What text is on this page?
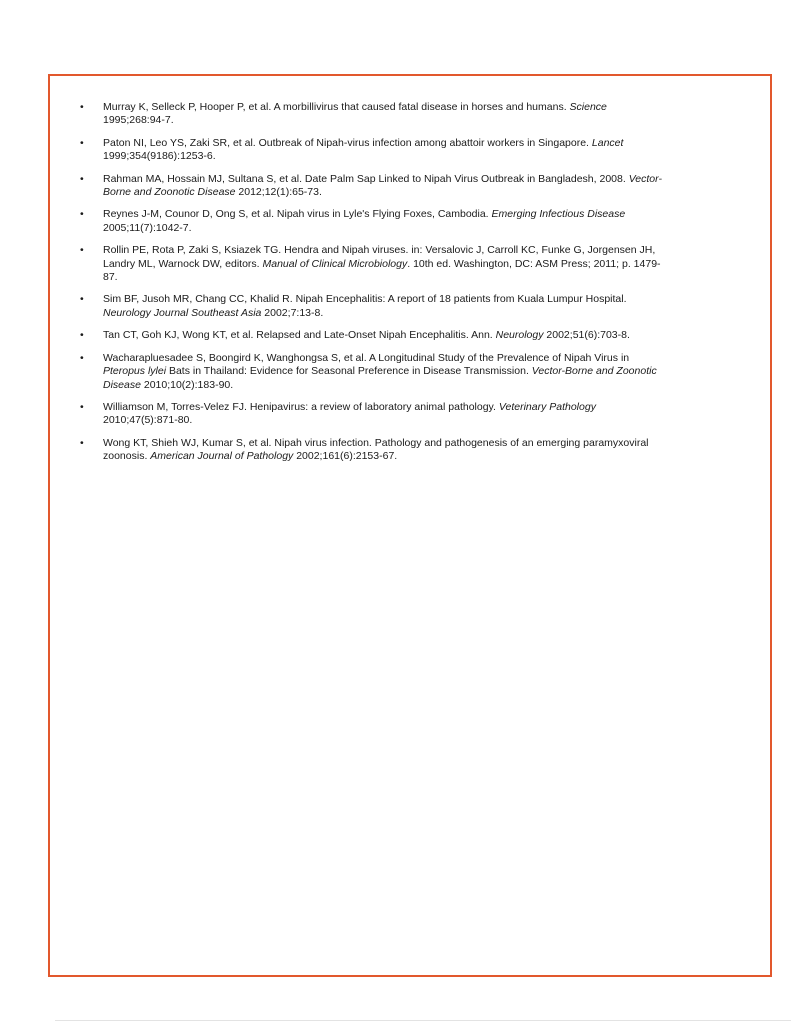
•	Murray K, Selleck P, Hooper P, et al. A morbillivirus that caused fatal disease in horses and humans. Science
1995;268:94-7.
•	Paton NI, Leo YS, Zaki SR, et al. Outbreak of Nipah-virus infection among abattoir workers in Singapore. Lancet
1999;354(9186):1253-6.
•	Rahman MA, Hossain MJ, Sultana S, et al. Date Palm Sap Linked to Nipah Virus Outbreak in Bangladesh, 2008. Vector-
Borne and Zoonotic Disease 2012;12(1):65-73.
•	Reynes J-M, Counor D, Ong S, et al. Nipah virus in Lyle's Flying Foxes, Cambodia. Emerging Infectious Disease
2005;11(7):1042-7.
•	Rollin PE, Rota P, Zaki S, Ksiazek TG. Hendra and Nipah viruses. in: Versalovic J, Carroll KC, Funke G, Jorgensen JH,
Landry ML, Warnock DW, editors. Manual of Clinical Microbiology. 10th ed. Washington, DC: ASM Press; 2011; p. 1479-
87.
•	Sim BF, Jusoh MR, Chang CC, Khalid R. Nipah Encephalitis: A report of 18 patients from Kuala Lumpur Hospital.
Neurology Journal Southeast Asia 2002;7:13-8.
•	Tan CT, Goh KJ, Wong KT, et al. Relapsed and Late-Onset Nipah Encephalitis. Ann. Neurology 2002;51(6):703-8.
•	Wacharapluesadee S, Boongird K, Wanghongsa S, et al. A Longitudinal Study of the Prevalence of Nipah Virus in
Pteropus lylei Bats in Thailand: Evidence for Seasonal Preference in Disease Transmission. Vector-Borne and Zoonotic
Disease 2010;10(2):183-90.
•	Williamson M, Torres-Velez FJ. Henipavirus: a review of laboratory animal pathology. Veterinary Pathology
2010;47(5):871-80.
•	Wong KT, Shieh WJ, Kumar S, et al. Nipah virus infection. Pathology and pathogenesis of an emerging paramyxoviral
zoonosis. American Journal of Pathology 2002;161(6):2153-67.
